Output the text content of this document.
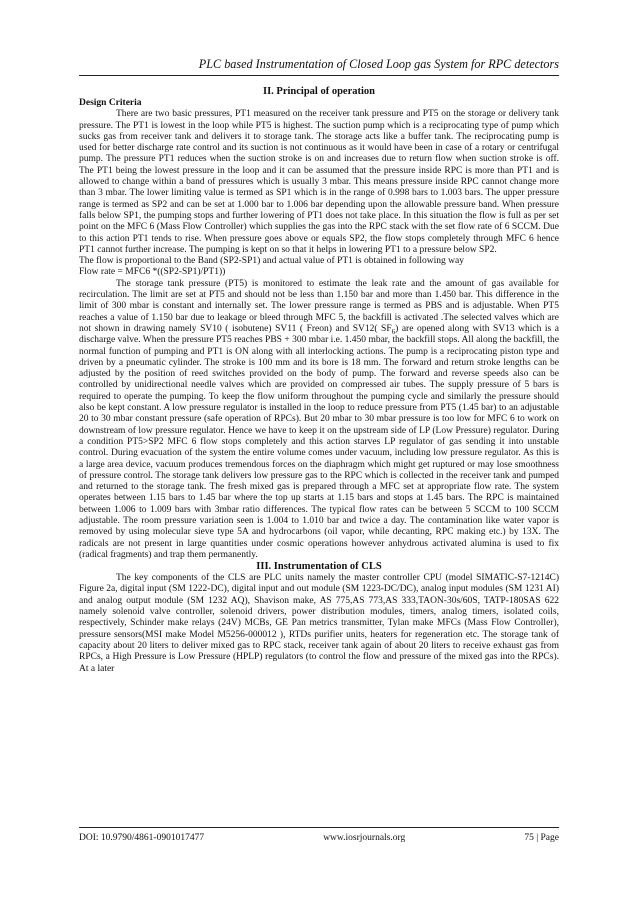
PLC based Instrumentation of Closed Loop gas System for RPC detectors

II. Principal of operation

Design Criteria

There are two basic pressures, PT1 measured on the receiver tank pressure and PT5 on the storage or delivery tank pressure. The PT1 is lowest in the loop while PT5 is highest. The suction pump which is a reciprocating type of pump which sucks gas from receiver tank and delivers it to storage tank. The storage acts like a buffer tank. The reciprocating pump is used for better discharge rate control and its suction is not continuous as it would have been in case of a rotary or centrifugal pump. The pressure PT1 reduces when the suction stroke is on and increases due to return flow when suction stroke is off. The PT1 being the lowest pressure in the loop and it can be assumed that the pressure inside RPC is more than PT1 and is allowed to change within a band of pressures which is usually 3 mbar. This means pressure inside RPC cannot change more than 3 mbar. The lower limiting value is termed as SP1 which is in the range of 0.998 bars to 1.003 bars. The upper pressure range is termed as SP2 and can be set at 1.000 bar to 1.006 bar depending upon the allowable pressure band. When pressure falls below SP1, the pumping stops and further lowering of PT1 does not take place. In this situation the flow is full as per set point on the MFC 6 (Mass Flow Controller) which supplies the gas into the RPC stack with the set flow rate of 6 SCCM. Due to this action PT1 tends to rise. When pressure goes above or equals SP2, the flow stops completely through MFC 6 hence PT1 cannot further increase. The pumping is kept on so that it helps in lowering PT1 to a pressure below SP2.

The flow is proportional to the Band (SP2-SP1) and actual value of PT1 is obtained in following way

Flow rate = MFC6 *((SP2-SP1)/PT1))

The storage tank pressure (PT5) is monitored to estimate the leak rate and the amount of gas available for recirculation. The limit are set at PT5 and should not be less than 1.150 bar and more than 1.450 bar. This difference in the limit of 300 mbar is constant and internally set. The lower pressure range is termed as PBS and is adjustable. When PT5 reaches a value of 1.150 bar due to leakage or bleed through MFC 5, the backfill is activated .The selected valves which are not shown in drawing namely SV10 ( isobutene) SV11 ( Freon) and SV12( $SF_6$) are opened along with SV13 which is a discharge valve. When the pressure PT5 reaches PBS + 300 mbar i.e. 1.450 mbar, the backfill stops. All along the backfill, the normal function of pumping and PT1 is ON along with all interlocking actions. The pump is a reciprocating piston type and driven by a pneumatic cylinder. The stroke is 100 mm and its bore is 18 mm. The forward and return stroke lengths can be adjusted by the position of reed switches provided on the body of pump. The forward and reverse speeds also can be controlled by unidirectional needle valves which are provided on compressed air tubes. The supply pressure of 5 bars is required to operate the pumping. To keep the flow uniform throughout the pumping cycle and similarly the pressure should also be kept constant. A low pressure regulator is installed in the loop to reduce pressure from PT5 (1.45 bar) to an adjustable 20 to 30 mbar constant pressure (safe operation of RPCs). But 20 mbar to 30 mbar pressure is too low for MFC 6 to work on downstream of low pressure regulator. Hence we have to keep it on the upstream side of LP (Low Pressure) regulator. During a condition PT5>SP2 MFC 6 flow stops completely and this action starves LP regulator of gas sending it into unstable control. During evacuation of the system the entire volume comes under vacuum, including low pressure regulator. As this is a large area device, vacuum produces tremendous forces on the diaphragm which might get ruptured or may lose smoothness of pressure control. The storage tank delivers low pressure gas to the RPC which is collected in the receiver tank and pumped and returned to the storage tank. The fresh mixed gas is prepared through a MFC set at appropriate flow rate. The system operates between 1.15 bars to 1.45 bar where the top up starts at 1.15 bars and stops at 1.45 bars. The RPC is maintained between 1.006 to 1.009 bars with 3mbar ratio differences. The typical flow rates can be between 5 SCCM to 100 SCCM adjustable. The room pressure variation seen is 1.004 to 1.010 bar and twice a day. The contamination like water vapor is removed by using molecular sieve type 5A and hydrocarbons (oil vapor, while decanting, RPC making etc.) by 13X. The radicals are not present in large quantities under cosmic operations however anhydrous activated alumina is used to fix (radical fragments) and trap them permanently.

III. Instrumentation of CLS

The key components of the CLS are PLC units namely the master controller CPU (model SIMATIC-S7-1214C) Figure 2a, digital input (SM 1222-DC), digital input and out module (SM 1223-DC/DC), analog input modules (SM 1231 AI) and analog output module (SM 1232 AQ), Shavison make, AS 775,AS 773,AS 333,TAON-30s/60S, TATP-180SAS 622 namely solenoid valve controller, solenoid drivers, power distribution modules, timers, analog timers, isolated coils, respectively, Schinder make relays (24V) MCBs, GE Pan metrics transmitter, Tylan make MFCs (Mass Flow Controller), pressure sensors(MSI make Model M5256-000012 ), RTDs purifier units, heaters for regeneration etc. The storage tank of capacity about 20 liters to deliver mixed gas to RPC stack, receiver tank again of about 20 liters to receive exhaust gas from RPCs, a High Pressure is Low Pressure (HPLP) regulators (to control the flow and pressure of the mixed gas into the RPCs). At a later

DOI: 10.9790/4861-0901017477	www.iosrjournals.org	75 | Page
